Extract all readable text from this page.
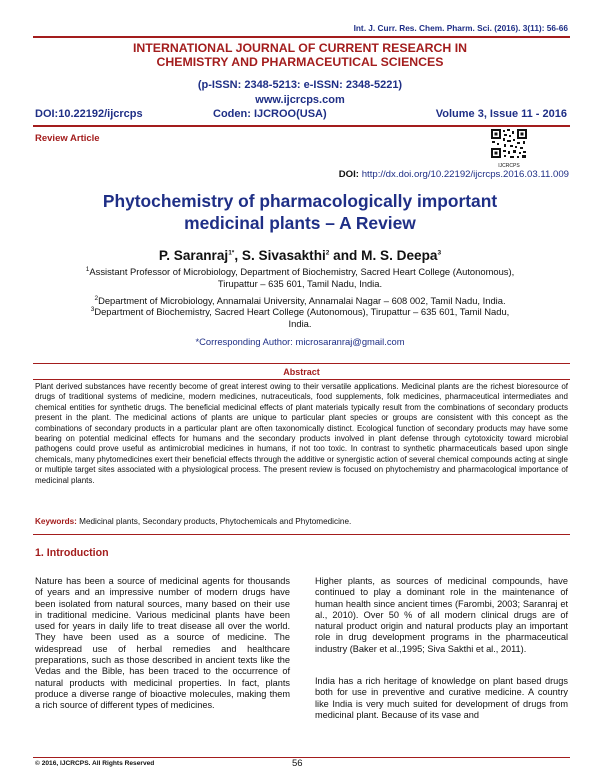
Int. J. Curr. Res. Chem. Pharm. Sci. (2016). 3(11): 56-66
INTERNATIONAL JOURNAL OF CURRENT RESEARCH IN
CHEMISTRY AND PHARMACEUTICAL SCIENCES
(p-ISSN: 2348-5213: e-ISSN: 2348-5221)
www.ijcrcps.com
DOI:10.22192/ijcrcps	Coden: IJCROO(USA)	Volume 3, Issue 11 - 2016
Review Article
IJCRCPS
DOI: http://dx.doi.org/10.22192/ijcrcps.2016.03.11.009
Phytochemistry of pharmacologically important
medicinal plants – A Review
P. Saranraj$^{1*}$, S. Sivasakthi$^2$ and M. S. Deepa$^3$
$^1$Assistant Professor of Microbiology, Department of Biochemistry, Sacred Heart College (Autonomous),
Tirupattur – 635 601, Tamil Nadu, India.
$^2$Department of Microbiology, Annamalai University, Annamalai Nagar – 608 002, Tamil Nadu, India.
$^3$Department of Biochemistry, Sacred Heart College (Autonomous), Tirupattur – 635 601, Tamil Nadu,
India.
*Corresponding Author: microsaranraj@gmail.com
Abstract
Plant derived substances have recently become of great interest owing to their versatile applications. Medicinal plants are the richest bioresource of drugs of traditional systems of medicine, modern medicines, nutraceuticals, food supplements, folk medicines, pharmaceutical intermediates and chemical entities for synthetic drugs. The beneficial medicinal effects of plant materials typically result from the combinations of secondary products present in the plant. The medicinal actions of plants are unique to particular plant species or groups are consistent with this concept as the combinations of secondary products in a particular plant are often taxonomically distinct. Ecological function of secondary products may have some bearing on potential medicinal effects for humans and the secondary products involved in plant defense through cytotoxicity toward microbial pathogens could prove useful as antimicrobial medicines in humans, if not too toxic. In contrast to synthetic pharmaceuticals based upon single chemicals, many phytomedicines exert their beneficial effects through the additive or synergistic action of several chemical compounds acting at single or multiple target sites associated with a physiological process. The present review is focused on phytochemistry and pharmacological importance of medicinal plants.
Keywords: Medicinal plants, Secondary products, Phytochemicals and Phytomedicine.
1. Introduction
Nature has been a source of medicinal agents for thousands of years and an impressive number of modern drugs have been isolated from natural sources, many based on their use in traditional medicine. Various medicinal plants have been used for years in daily life to treat disease all over the world. They have been used as a source of medicine. The widespread use of herbal remedies and healthcare preparations, such as those described in ancient texts like the Vedas and the Bible, has been traced to the occurrence of natural products with medicinal properties. In fact, plants produce a diverse range of bioactive molecules, making them a rich source of different types of medicines.
Higher plants, as sources of medicinal compounds, have continued to play a dominant role in the maintenance of human health since ancient times (Farombi, 2003; Saranraj et al., 2010). Over 50 % of all modern clinical drugs are of natural product origin and natural products play an important role in drug development programs in the pharmaceutical industry (Baker et al.,1995; Siva Sakthi et al., 2011).
India has a rich heritage of knowledge on plant based drugs both for use in preventive and curative medicine. A country like India is very much suited for development of drugs from medicinal plant. Because of its vase and
© 2016, IJCRCPS. All Rights Reserved	56
